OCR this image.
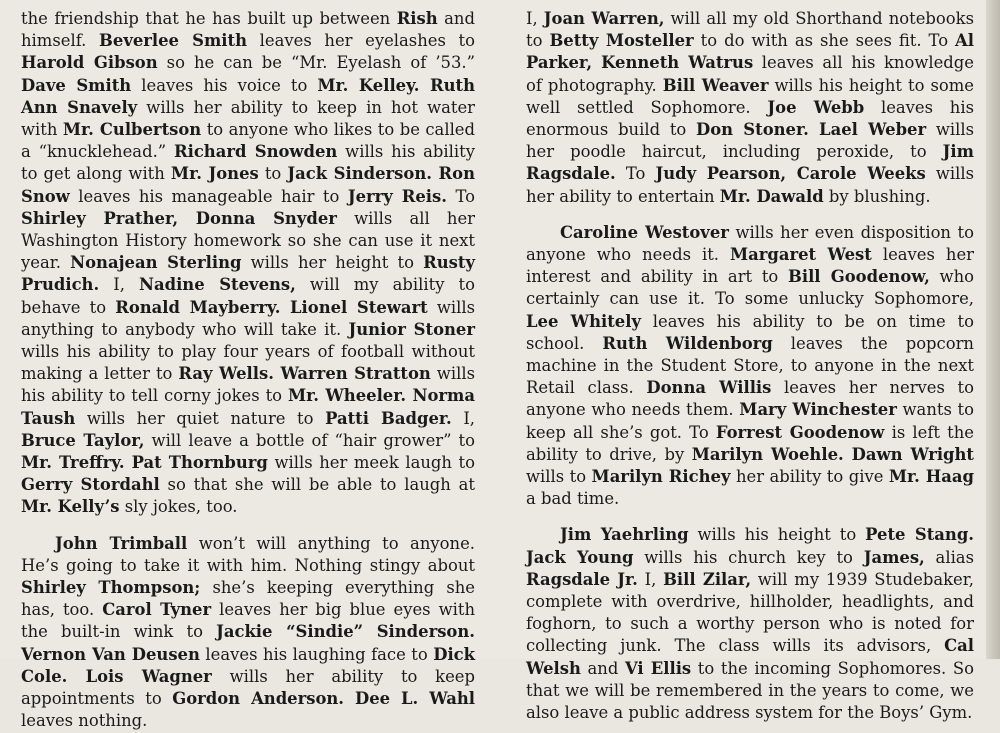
the friendship that he has built up between Rish and himself. Beverlee Smith leaves her eyelashes to Harold Gibson so he can be “Mr. Eyelash of ’53.” Dave Smith leaves his voice to Mr. Kelley. Ruth Ann Snavely wills her ability to keep in hot water with Mr. Culbertson to anyone who likes to be called a “knucklehead.” Richard Snowden wills his ability to get along with Mr. Jones to Jack Sinderson. Ron Snow leaves his manageable hair to Jerry Reis. To Shirley Prather, Donna Snyder wills all her Washington History homework so she can use it next year. Nonajean Sterling wills her height to Rusty Prudich. I, Nadine Stevens, will my ability to behave to Ronald Mayberry. Lionel Stewart wills anything to anybody who will take it. Junior Stoner wills his ability to play four years of football without making a letter to Ray Wells. Warren Stratton wills his ability to tell corny jokes to Mr. Wheeler. Norma Taush wills her quiet nature to Patti Badger. I, Bruce Taylor, will leave a bottle of “hair grower” to Mr. Treffry. Pat Thornburg wills her meek laugh to Gerry Stordahl so that she will be able to laugh at Mr. Kelly’s sly jokes, too.

John Trimball won’t will anything to anyone. He’s going to take it with him. Nothing stingy about Shirley Thompson; she’s keeping everything she has, too. Carol Tyner leaves her big blue eyes with the built-in wink to Jackie “Sindie” Sinderson. Vernon Van Deusen leaves his laughing face to Dick Cole. Lois Wagner wills her ability to keep appointments to Gordon Anderson. Dee L. Wahl leaves nothing.

I, Joan Warren, will all my old Shorthand notebooks to Betty Mosteller to do with as she sees fit. To Al Parker, Kenneth Watrus leaves all his knowledge of photography. Bill Weaver wills his height to some well settled Sophomore. Joe Webb leaves his enormous build to Don Stoner. Lael Weber wills her poodle haircut, including peroxide, to Jim Ragsdale. To Judy Pearson, Carole Weeks wills her ability to entertain Mr. Dawald by blushing.

Caroline Westover wills her even disposition to anyone who needs it. Margaret West leaves her interest and ability in art to Bill Goodenow, who certainly can use it. To some unlucky Sophomore, Lee Whitely leaves his ability to be on time to school. Ruth Wildenborg leaves the popcorn machine in the Student Store, to anyone in the next Retail class. Donna Willis leaves her nerves to anyone who needs them. Mary Winchester wants to keep all she’s got. To Forrest Goodenow is left the ability to drive, by Marilyn Woehle. Dawn Wright wills to Marilyn Richey her ability to give Mr. Haag a bad time.

Jim Yaehrling wills his height to Pete Stang. Jack Young wills his church key to James, alias Ragsdale Jr. I, Bill Zilar, will my 1939 Studebaker, complete with overdrive, hillholder, headlights, and foghorn, to such a worthy person who is noted for collecting junk. The class wills its advisors, Cal Welsh and Vi Ellis to the incoming Sophomores. So that we will be remembered in the years to come, we also leave a public address system for the Boys’ Gym.
